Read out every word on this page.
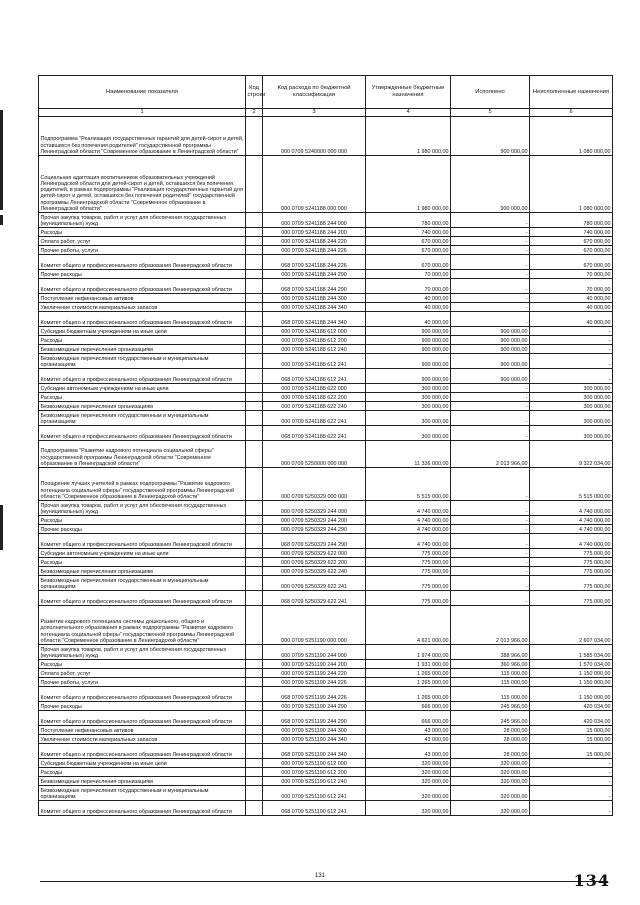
Наименование показателя	Код строки	Код расхода по бюджетной классификации	Утвержденные бюджетные назначения	Исполнено	Неисполненные назначения
1	2	3	4	5	6
Подпрограмма "Реализация государственных гарантий для детей-сирот и детей, оставшихся без попечения родителей" государственной программы Ленинградской области "Современное образование в Ленинградской области"		000 0709 5240000 000 000	1 980 000,00	900 000,00	1 080 000,00
Социальная адаптация воспитанников образовательных учреждений Ленинградской области для детей-сирот и детей, оставшихся без попечения родителей, в рамках подпрограммы "Реализация государственных гарантий для детей-сирот и детей, оставшихся без попечения родителей" государственной программы Ленинградской области "Современное образование в Ленинградской области"		000 0709 5241188 000 000	1 980 000,00	900 000,00	1 080 000,00
Прочая закупка товаров, работ и услуг для обеспечения государственных (муниципальных) нужд		000 0709 5241188 244 000	780 000,00	-	780 000,00
Расходы		000 0709 5241188 244 200	740 000,00	-	740 000,00
Оплата работ, услуг		000 0709 5241188 244 220	670 000,00	-	670 000,00
Прочие работы, услуги		000 0709 5241188 244 226	670 000,00	-	670 000,00
Комитет общего и профессионального образования Ленинградской области		068 0709 5241188 244 226	670 000,00	-	670 000,00
Прочие расходы		000 0709 5241188 244 290	70 000,00	-	70 000,00
Комитет общего и профессионального образования Ленинградской области		068 0709 5241188 244 290	70 000,00	-	70 000,00
Поступление нефинансовых активов		000 0709 5241188 244 300	40 000,00	-	40 000,00
Увеличение стоимости материальных запасов		000 0709 5241188 244 340	40 000,00	-	40 000,00
Комитет общего и профессионального образования Ленинградской области		068 0709 5241188 244 340	40 000,00	-	40 000,00
Субсидии бюджетным учреждениям на иные цели		000 0709 5241188 612 000	900 000,00	900 000,00	-
Расходы		000 0709 5241188 612 200	900 000,00	900 000,00	-
Безвозмездные перечисления организациям		000 0709 5241188 612 240	900 000,00	900 000,00	-
Безвозмездные перечисления государственным и муниципальным организациям		000 0709 5241188 612 241	900 000,00	900 000,00	-
Комитет общего и профессионального образования Ленинградской области		068 0709 5241188 612 241	900 000,00	900 000,00	-
Субсидии автономным учреждениям на иные цели		000 0709 5241188 622 000	300 000,00	-	300 000,00
Расходы		000 0709 5241188 622 200	300 000,00	-	300 000,00
Безвозмездные перечисления организациям		000 0709 5241188 622 240	300 000,00	-	300 000,00
Безвозмездные перечисления государственным и муниципальным организациям		000 0709 5241188 622 241	300 000,00	-	300 000,00
Комитет общего и профессионального образования Ленинградской области		068 0709 5241188 622 241	300 000,00	-	300 000,00
Подпрограмма "Развитие кадрового потенциала социальной сферы" государственной программы Ленинградской области "Современное образование в Ленинградской области"		000 0709 5250000 000 000	11 336 000,00	2 013 966,00	9 322 034,00
Поощрение лучших учителей в рамках подпрограммы "Развитие кадрового потенциала социальной сферы" государственной программы Ленинградской области "Современное образование в Ленинградской области"		000 0709 5250329 000 000	5 515 000,00	-	5 515 000,00
Прочая закупка товаров, работ и услуг для обеспечения государственных (муниципальных) нужд		000 0709 5250329 244 000	4 740 000,00	-	4 740 000,00
Расходы		000 0709 5250329 244 200	4 740 000,00	-	4 740 000,00
Прочие расходы		000 0709 5250329 244 290	4 740 000,00	-	4 740 000,00
Комитет общего и профессионального образования Ленинградской области		068 0709 5250329 244 290	4 740 000,00	-	4 740 000,00
Субсидии автономным учреждениям на иные цели		000 0709 5250329 622 000	775 000,00	-	775 000,00
Расходы		000 0709 5250329 622 200	775 000,00	-	775 000,00
Безвозмездные перечисления организациям		000 0709 5250329 622 240	775 000,00	-	775 000,00
Безвозмездные перечисления государственным и муниципальным организациям		000 0709 5250329 622 241	775 000,00	-	775 000,00
Комитет общего и профессионального образования Ленинградской области		068 0709 5250329 622 241	775 000,00	-	775 000,00
Развитие кадрового потенциала системы дошкольного, общего и дополнительного образования в рамках подпрограммы "Развитие кадрового потенциала социальной сферы" государственной программы Ленинградской области "Современное образование в Ленинградской области"		000 0709 5251190 000 000	4 621 000,00	2 013 966,00	2 607 034,00
Прочая закупка товаров, работ и услуг для обеспечения государственных (муниципальных) нужд		000 0709 5251190 244 000	1 974 000,00	388 966,00	1 585 034,00
Расходы		000 0709 5251190 244 200	1 931 000,00	360 966,00	1 570 034,00
Оплата работ, услуг		000 0709 5251190 244 220	1 265 000,00	115 000,00	1 150 000,00
Прочие работы, услуги		000 0709 5251190 244 226	1 265 000,00	115 000,00	1 150 000,00
Комитет общего и профессионального образования Ленинградской области		068 0709 5251190 244 226	1 265 000,00	115 000,00	1 150 000,00
Прочие расходы		000 0709 5251190 244 290	666 000,00	245 966,00	420 034,00
Комитет общего и профессионального образования Ленинградской области		068 0709 5251190 244 290	666 000,00	245 966,00	420 034,00
Поступление нефинансовых активов		000 0709 5251190 244 300	43 000,00	28 000,00	15 000,00
Увеличение стоимости материальных запасов		000 0709 5251190 244 340	43 000,00	28 000,00	15 000,00
Комитет общего и профессионального образования Ленинградской области		068 0709 5251190 244 340	43 000,00	28 000,00	15 000,00
Субсидии бюджетным учреждениям на иные цели		000 0709 5251190 612 000	320 000,00	320 000,00	-
Расходы		000 0709 5251190 612 200	320 000,00	320 000,00	-
Безвозмездные перечисления организациям		000 0709 5251190 612 240	320 000,00	320 000,00	-
Безвозмездные перечисления государственным и муниципальным организациям		000 0709 5251190 612 241	320 000,00	320 000,00	-
Комитет общего и профессионального образования Ленинградской области		068 0709 5251190 612 241	320 000,00	320 000,00	-
131	134
